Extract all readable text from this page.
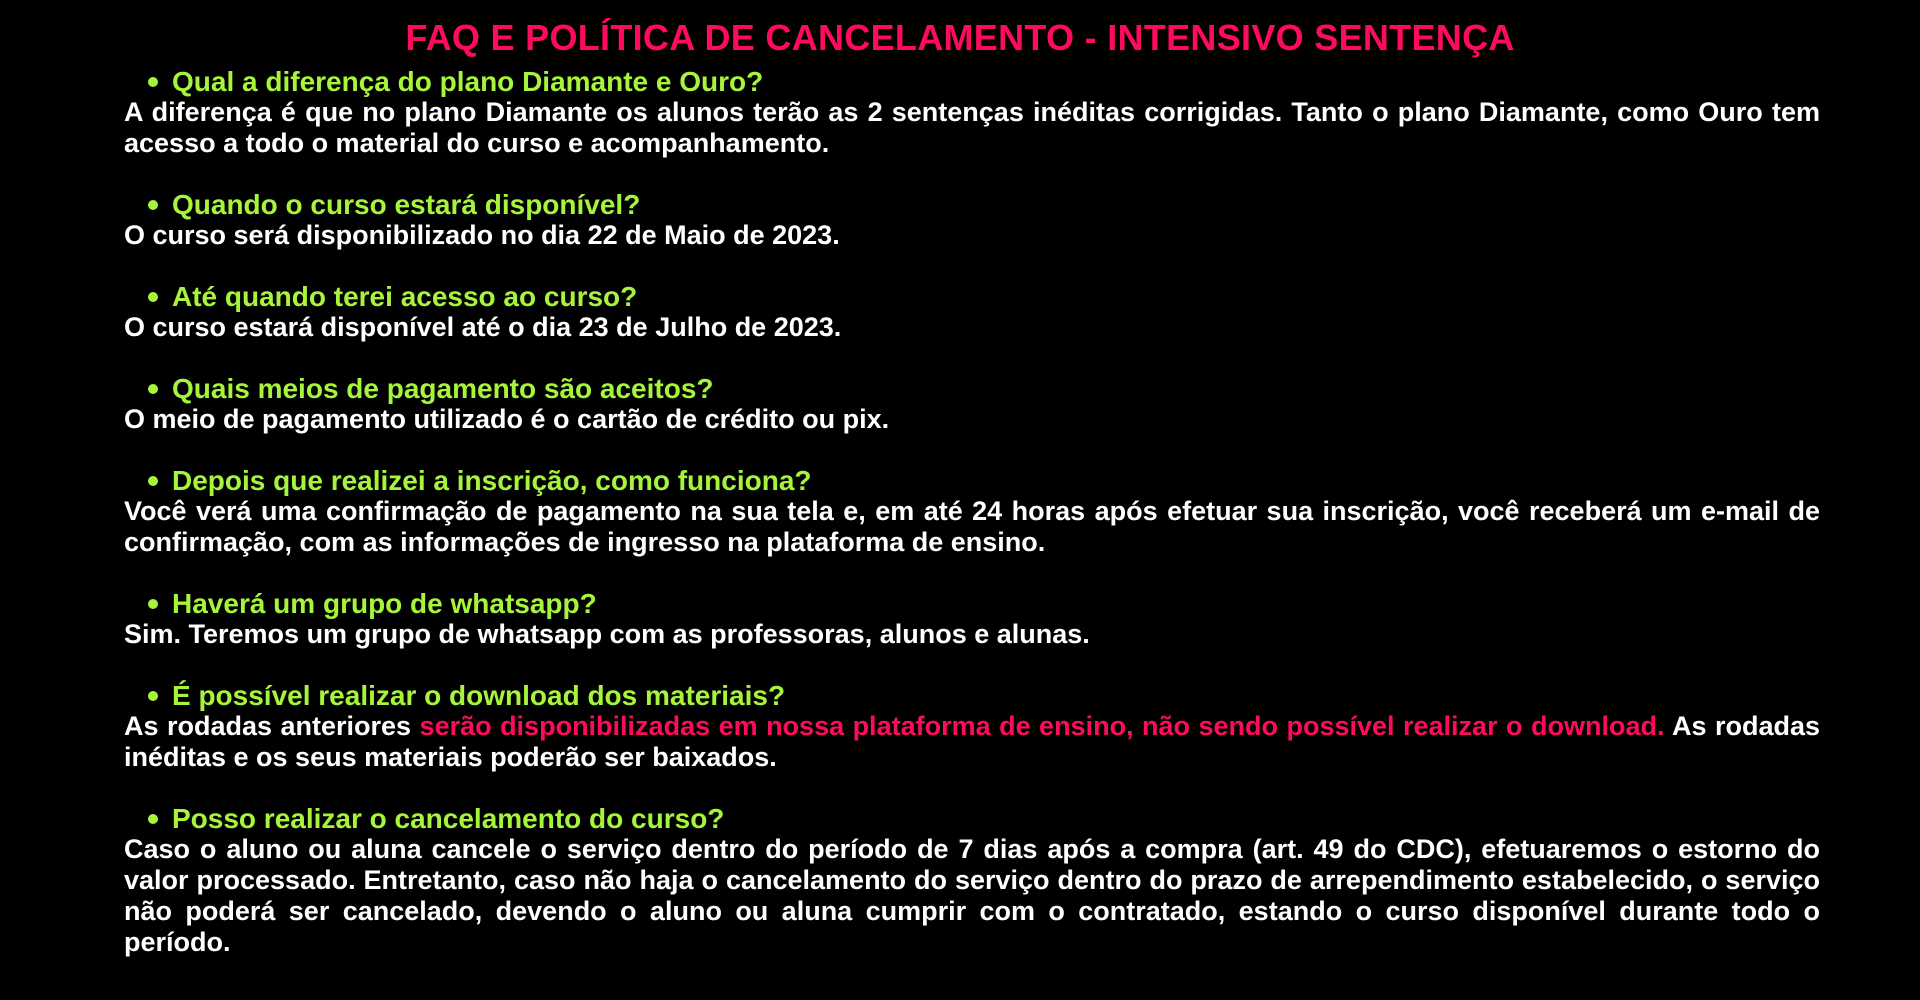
FAQ E POLÍTICA DE CANCELAMENTO - INTENSIVO SENTENÇA
Qual a diferença do plano Diamante e Ouro?
A diferença é que no plano Diamante os alunos terão as 2 sentenças inéditas corrigidas. Tanto o plano Diamante, como Ouro tem acesso a todo o material do curso e acompanhamento.
Quando o curso estará disponível?
O curso será disponibilizado no dia 22 de Maio de 2023.
Até quando terei acesso ao curso?
O curso estará disponível até o dia 23 de Julho de 2023.
Quais meios de pagamento são aceitos?
O meio de pagamento utilizado é o cartão de crédito ou pix.
Depois que realizei a inscrição, como funciona?
Você verá uma confirmação de pagamento na sua tela e, em até 24 horas após efetuar sua inscrição, você receberá um e-mail de confirmação, com as informações de ingresso na plataforma de ensino.
Haverá um grupo de whatsapp?
Sim. Teremos um grupo de whatsapp com as professoras, alunos e alunas.
É possível realizar o download dos materiais?
As rodadas anteriores serão disponibilizadas em nossa plataforma de ensino, não sendo possível realizar o download. As rodadas inéditas e os seus materiais poderão ser baixados.
Posso realizar o cancelamento do curso?
Caso o aluno ou aluna cancele o serviço dentro do período de 7 dias após a compra (art. 49 do CDC), efetuaremos o estorno do valor processado. Entretanto, caso não haja o cancelamento do serviço dentro do prazo de arrependimento estabelecido, o serviço não poderá ser cancelado, devendo o aluno ou aluna cumprir com o contratado, estando o curso disponível durante todo o período.
